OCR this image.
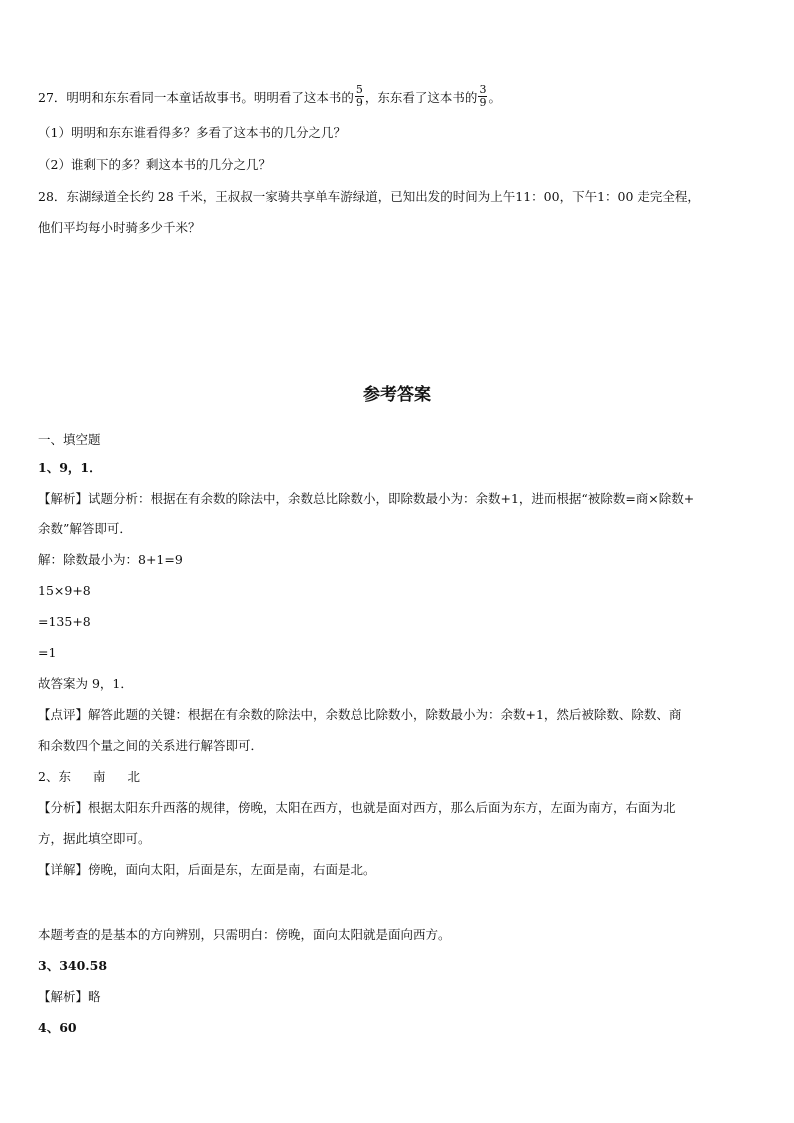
27．明明和东东看同一本童话故事书。明明看了这本书的 $\frac{5}{9}$ ，东东看了这本书的 $\frac{3}{9}$ 。
（1）明明和东东谁看得多？多看了这本书的几分之几？
（2）谁剩下的多？剩这本书的几分之几？
28．东湖绿道全长约 28 千米，王叔叔一家骑共享单车游绿道，已知出发的时间为上午11：00，下午1：00 走完全程，
他们平均每小时骑多少千米？
参考答案
一、填空题
1、9，1．
【解析】试题分析：根据在有余数的除法中，余数总比除数小，即除数最小为：余数+1，进而根据“被除数=商×除数+
余数”解答即可．
解：除数最小为：8+1=9
15×9+8
=135+8
=1
故答案为 9，1．
【点评】解答此题的关键：根据在有余数的除法中，余数总比除数小，除数最小为：余数+1，然后被除数、除数、商
和余数四个量之间的关系进行解答即可．
2、东 南 北
【分析】根据太阳东升西落的规律，傍晚，太阳在西方，也就是面对西方，那么后面为东方，左面为南方，右面为北
方，据此填空即可。
【详解】傍晚，面向太阳，后面是东，左面是南，右面是北。
本题考查的是基本的方向辨别，只需明白：傍晚，面向太阳就是面向西方。
3、340.58
【解析】略
4、60
